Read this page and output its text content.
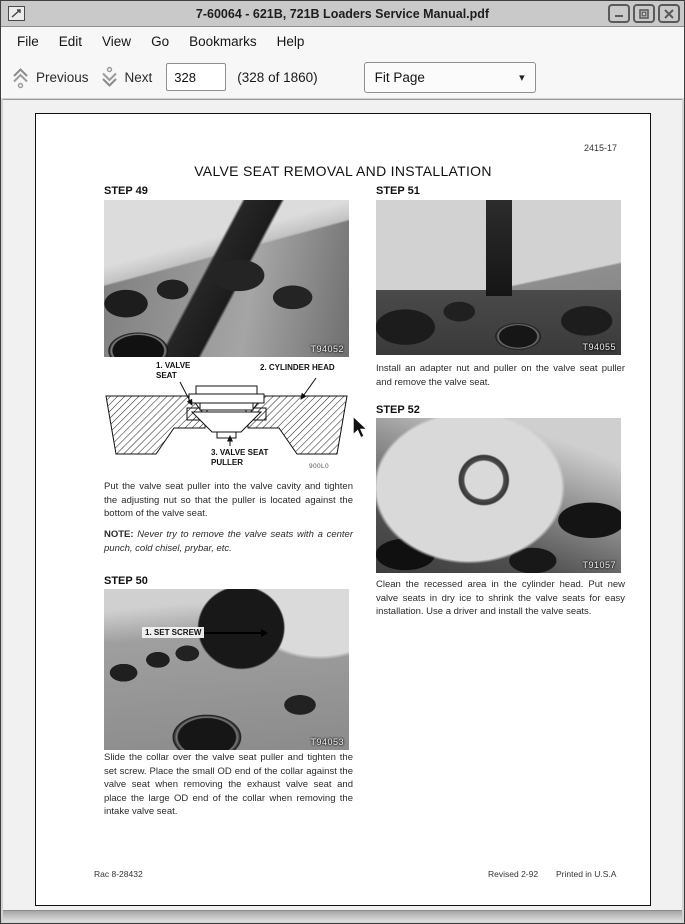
7-60064 - 621B, 721B Loaders Service Manual.pdf
File	Edit	View	Go	Bookmarks	Help
Previous	Next
328	(328 of 1860)	Fit Page	▾
2415-17
VALVE SEAT REMOVAL AND INSTALLATION
STEP 49
T94052
1. VALVE SEAT
2. CYLINDER HEAD
3. VALVE SEAT PULLER	900L0

Put the valve seat puller into the valve cavity and tighten the adjusting nut so that the puller is located against the bottom of the valve seat.

NOTE: Never try to remove the valve seats with a center punch, cold chisel, prybar, etc.

STEP 50
1. SET SCREW
T94053

Slide the collar over the valve seat puller and tighten the set screw. Place the small OD end of the collar against the valve seat when removing the exhaust valve seat and place the large OD end of the collar when removing the intake valve seat.

STEP 51
T94055

Install an adapter nut and puller on the valve seat puller and remove the valve seat.

STEP 52
T91057

Clean the recessed area in the cylinder head. Put new valve seats in dry ice to shrink the valve seats for easy installation. Use a driver and install the valve seats.

Rac 8-28432	Revised 2-92 Printed in U.S.A
